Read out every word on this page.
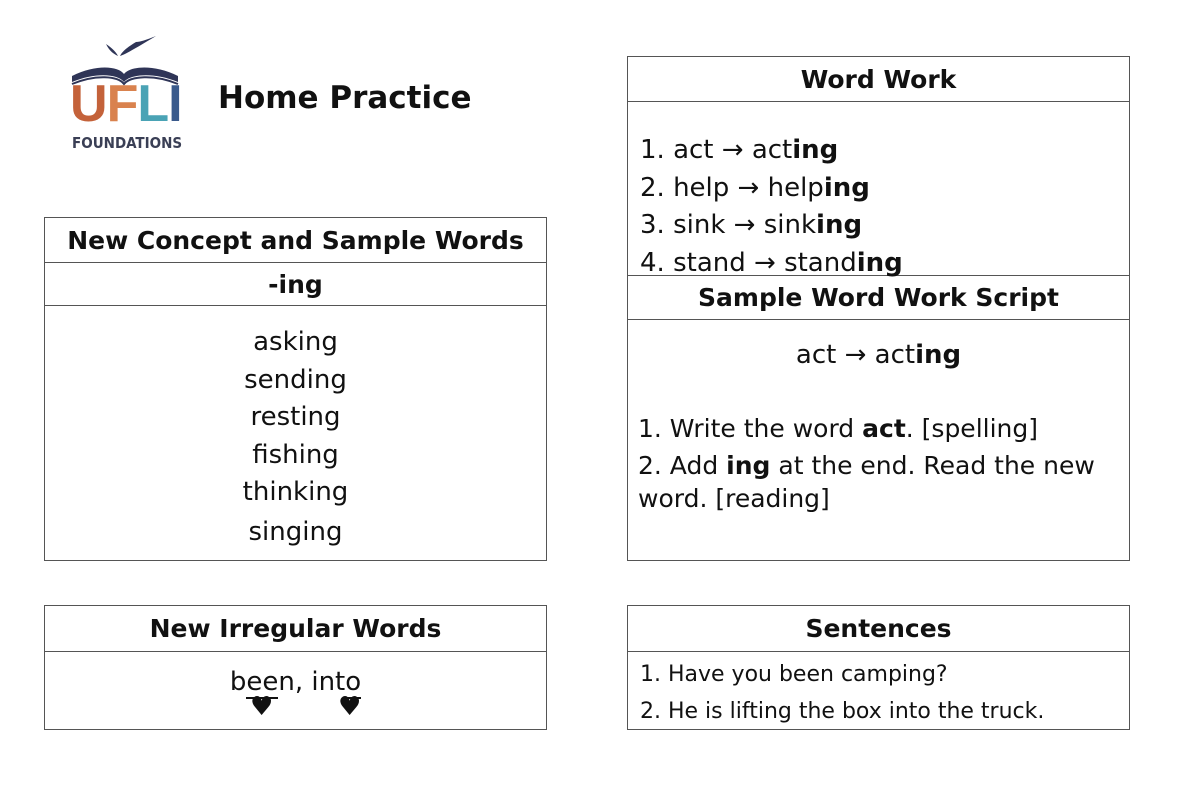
UFLI
FOUNDATIONS
Home Practice
New Concept and Sample Words
-ing
asking
sending
resting
fishing
thinking
singing
Word Work
1. act → acting
2. help → helping
3. sink → sinking
4. stand → standing
Sample Word Work Script
act → acting
1. Write the word act. [spelling]
2. Add ing at the end. Read the new
word. [reading]
New Irregular Words
been, into
♥ ♥
Sentences
1. Have you been camping?
2. He is lifting the box into the truck.
